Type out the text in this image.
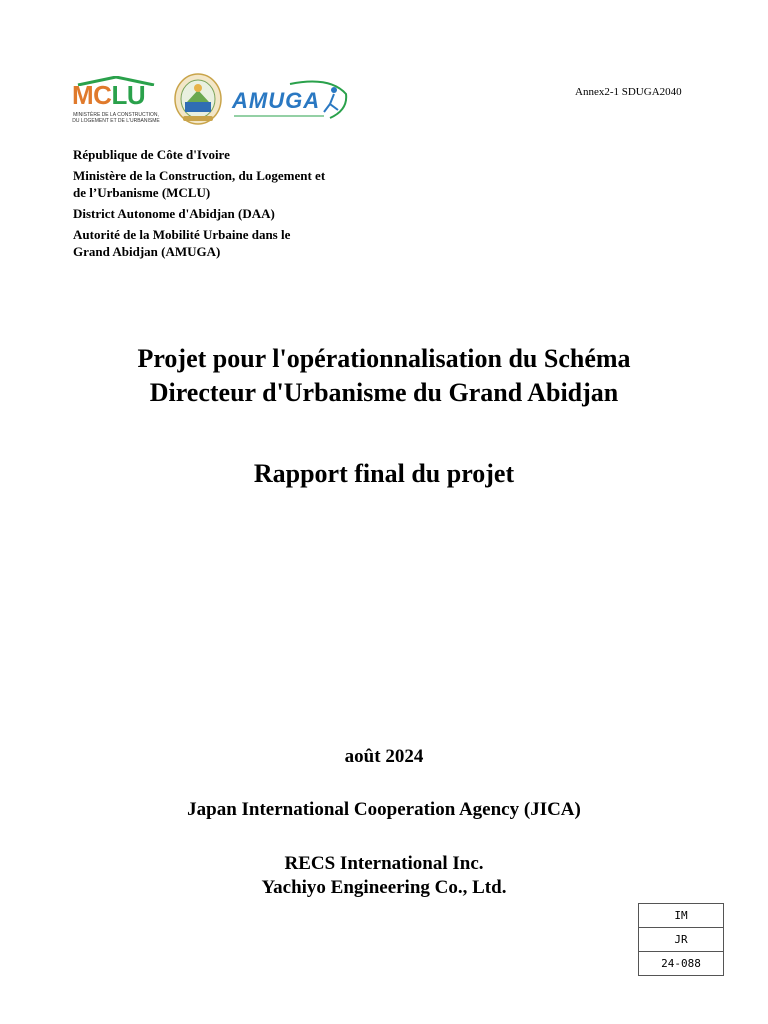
MCLU
MINISTÈRE DE LA CONSTRUCTION, DU LOGEMENT ET DE L'URBANISME
AMUGA	Annex2-1 SDUGA2040

République de Côte d'Ivoire

Ministère de la Construction, du Logement et
de l’Urbanisme (MCLU)

District Autonome d'Abidjan (DAA)

Autorité de la Mobilité Urbaine dans le
Grand Abidjan (AMUGA)

Projet pour l'opérationnalisation du Schéma
Directeur d'Urbanisme du Grand Abidjan
Rapport final du projet
août 2024
Japan International Cooperation Agency (JICA)
RECS International Inc.
Yachiyo Engineering Co., Ltd.
IM
JR
24-088
